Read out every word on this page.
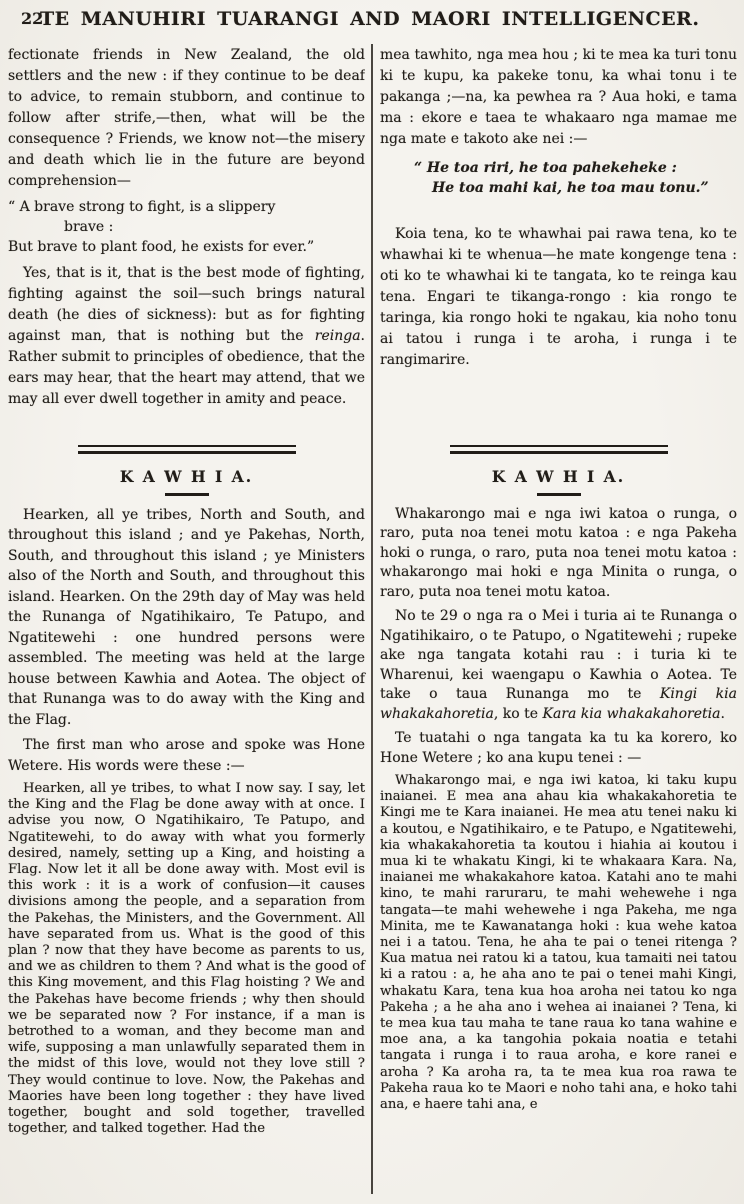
22
TE MANUHIRI TUARANGI AND MAORI INTELLIGENCER.

fectionate friends in New Zealand, the old settlers and the new : if they continue to be deaf to advice, to remain stubborn, and continue to follow after strife,—then, what will be the consequence ? Friends, we know not—the misery and death which lie in the future are beyond comprehension—

“ A brave strong to fight, is a slippery
brave :
But brave to plant food, he exists for ever.”

Yes, that is it, that is the best mode of fighting, fighting against the soil—such brings natural death (he dies of sickness): but as for fighting against man, that is nothing but the reinga. Rather submit to principles of obedience, that the ears may hear, that the heart may attend, that we may all ever dwell together in amity and peace.

K A W H I A.

Hearken, all ye tribes, North and South, and throughout this island ; and ye Pakehas, North, South, and throughout this island ; ye Ministers also of the North and South, and throughout this island. Hearken. On the 29th day of May was held the Runanga of Ngatihikairo, Te Patupo, and Ngatitewehi : one hundred persons were assembled. The meeting was held at the large house between Kawhia and Aotea. The object of that Runanga was to do away with the King and the Flag.

The first man who arose and spoke was Hone Wetere. His words were these :—

Hearken, all ye tribes, to what I now say. I say, let the King and the Flag be done away with at once. I advise you now, O Ngatihikairo, Te Patupo, and Ngatitewehi, to do away with what you formerly desired, namely, setting up a King, and hoisting a Flag. Now let it all be done away with. Most evil is this work : it is a work of confusion—it causes divisions among the people, and a separation from the Pakehas, the Ministers, and the Government. All have separated from us. What is the good of this plan ? now that they have become as parents to us, and we as children to them ? And what is the good of this King movement, and this Flag hoisting ? We and the Pakehas have become friends ; why then should we be separated now ? For instance, if a man is betrothed to a woman, and they become man and wife, supposing a man unlawfully separated them in the midst of this love, would not they love still ? They would continue to love. Now, the Pakehas and Maories have been long together : they have lived together, bought and sold together, travelled together, and talked together. Had the

mea tawhito, nga mea hou ; ki te mea ka turi tonu ki te kupu, ka pakeke tonu, ka whai tonu i te pakanga ;—na, ka pewhea ra ? Aua hoki, e tama ma : ekore e taea te whakaaro nga mamae me nga mate e takoto ake nei :—

“ He toa riri, he toa pahekeheke :
He toa mahi kai, he toa mau tonu.”

Koia tena, ko te whawhai pai rawa tena, ko te whawhai ki te whenua—he mate kongenge tena : oti ko te whawhai ki te tangata, ko te reinga kau tena. Engari te tikanga-rongo : kia rongo te taringa, kia rongo hoki te ngakau, kia noho tonu ai tatou i runga i te aroha, i runga i te rangimarire.

K A W H I A.

Whakarongo mai e nga iwi katoa o runga, o raro, puta noa tenei motu katoa : e nga Pakeha hoki o runga, o raro, puta noa tenei motu katoa : whakarongo mai hoki e nga Minita o runga, o raro, puta noa tenei motu katoa.

No te 29 o nga ra o Mei i turia ai te Runanga o Ngatihikairo, o te Patupo, o Ngatitewehi ; rupeke ake nga tangata kotahi rau : i turia ki te Wharenui, kei waengapu o Kawhia o Aotea. Te take o taua Runanga mo te Kingi kia whakakahoretia, ko te Kara kia whakakahoretia.

Te tuatahi o nga tangata ka tu ka korero, ko Hone Wetere ; ko ana kupu tenei : —

Whakarongo mai, e nga iwi katoa, ki taku kupu inaianei. E mea ana ahau kia whakakahoretia te Kingi me te Kara inaianei. He mea atu tenei naku ki a koutou, e Ngatihikairo, e te Patupo, e Ngatitewehi, kia whakakahoretia ta koutou i hiahia ai koutou i mua ki te whakatu Kingi, ki te whakaara Kara. Na, inaianei me whakakahore katoa. Katahi ano te mahi kino, te mahi raruraru, te mahi wehewehe i nga tangata—te mahi wehewehe i nga Pakeha, me nga Minita, me te Kawanatanga hoki : kua wehe katoa nei i a tatou. Tena, he aha te pai o tenei ritenga ? Kua matua nei ratou ki a tatou, kua tamaiti nei tatou ki a ratou : a, he aha ano te pai o tenei mahi Kingi, whakatu Kara, tena kua hoa aroha nei tatou ko nga Pakeha ; a he aha ano i wehea ai inaianei ? Tena, ki te mea kua tau maha te tane raua ko tana wahine e moe ana, a ka tangohia pokaia noatia e tetahi tangata i runga i to raua aroha, e kore ranei e aroha ? Ka aroha ra, ta te mea kua roa rawa te Pakeha raua ko te Maori e noho tahi ana, e hoko tahi ana, e haere tahi ana, e
